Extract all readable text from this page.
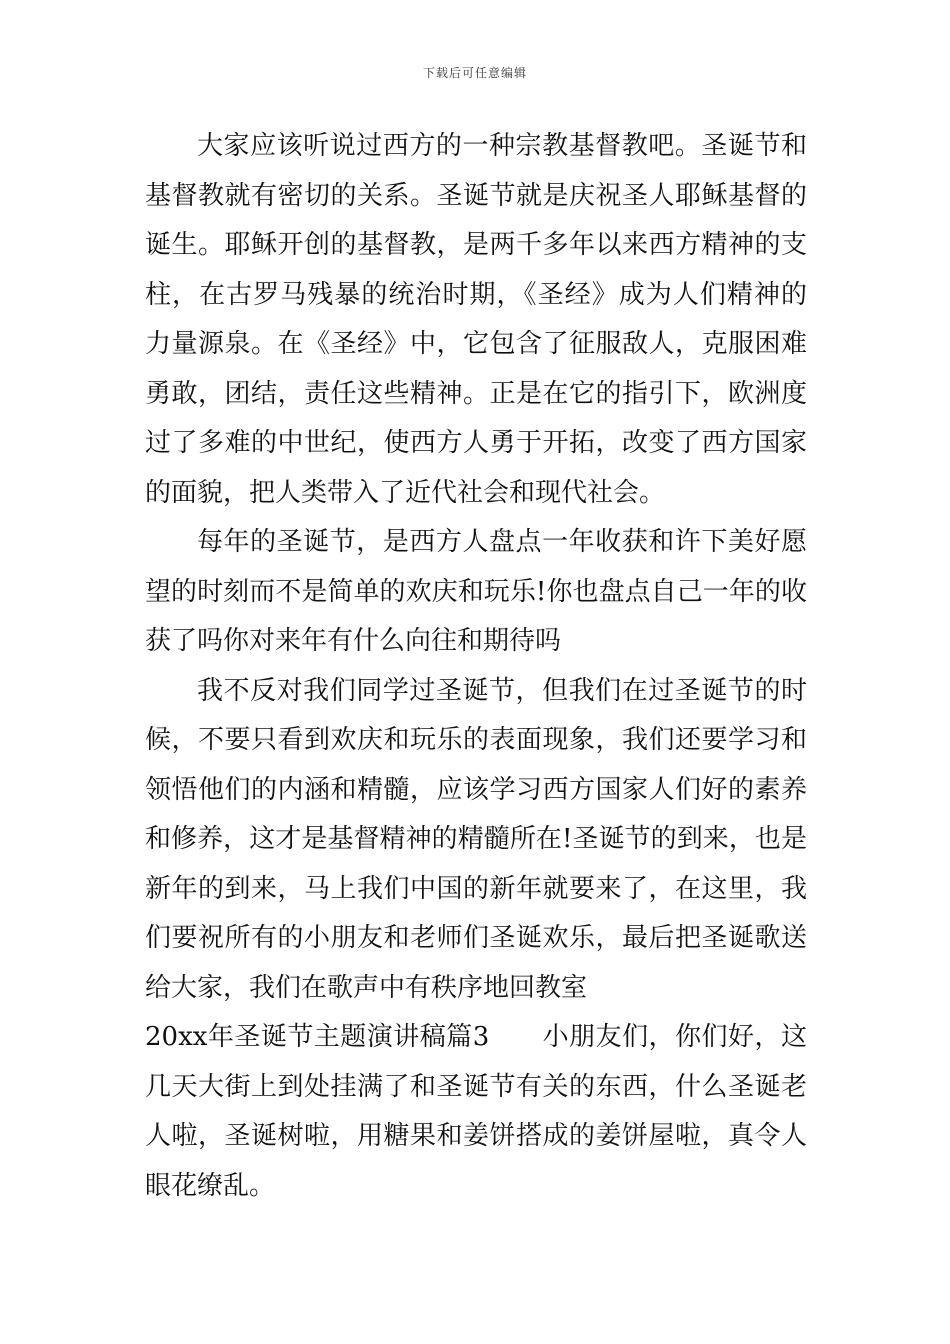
下载后可任意编辑

大家应该听说过西方的一种宗教基督教吧。圣诞节和基督教就有密切的关系。圣诞节就是庆祝圣人耶稣基督的诞生。耶稣开创的基督教，是两千多年以来西方精神的支柱，在古罗马残暴的统治时期，《圣经》成为人们精神的力量源泉。在《圣经》中，它包含了征服敌人，克服困难勇敢，团结，责任这些精神。正是在它的指引下，欧洲度过了多难的中世纪，使西方人勇于开拓，改变了西方国家的面貌，把人类带入了近代社会和现代社会。

每年的圣诞节，是西方人盘点一年收获和许下美好愿望的时刻而不是简单的欢庆和玩乐!你也盘点自己一年的收获了吗你对来年有什么向往和期待吗

我不反对我们同学过圣诞节，但我们在过圣诞节的时候，不要只看到欢庆和玩乐的表面现象，我们还要学习和领悟他们的内涵和精髓，应该学习西方国家人们好的素养和修养，这才是基督精神的精髓所在!圣诞节的到来，也是新年的到来，马上我们中国的新年就要来了，在这里，我们要祝所有的小朋友和老师们圣诞欢乐，最后把圣诞歌送给大家，我们在歌声中有秩序地回教室

20xx年圣诞节主题演讲稿篇3　　小朋友们，你们好，这几天大街上到处挂满了和圣诞节有关的东西，什么圣诞老人啦，圣诞树啦，用糖果和姜饼搭成的姜饼屋啦，真令人眼花缭乱。
